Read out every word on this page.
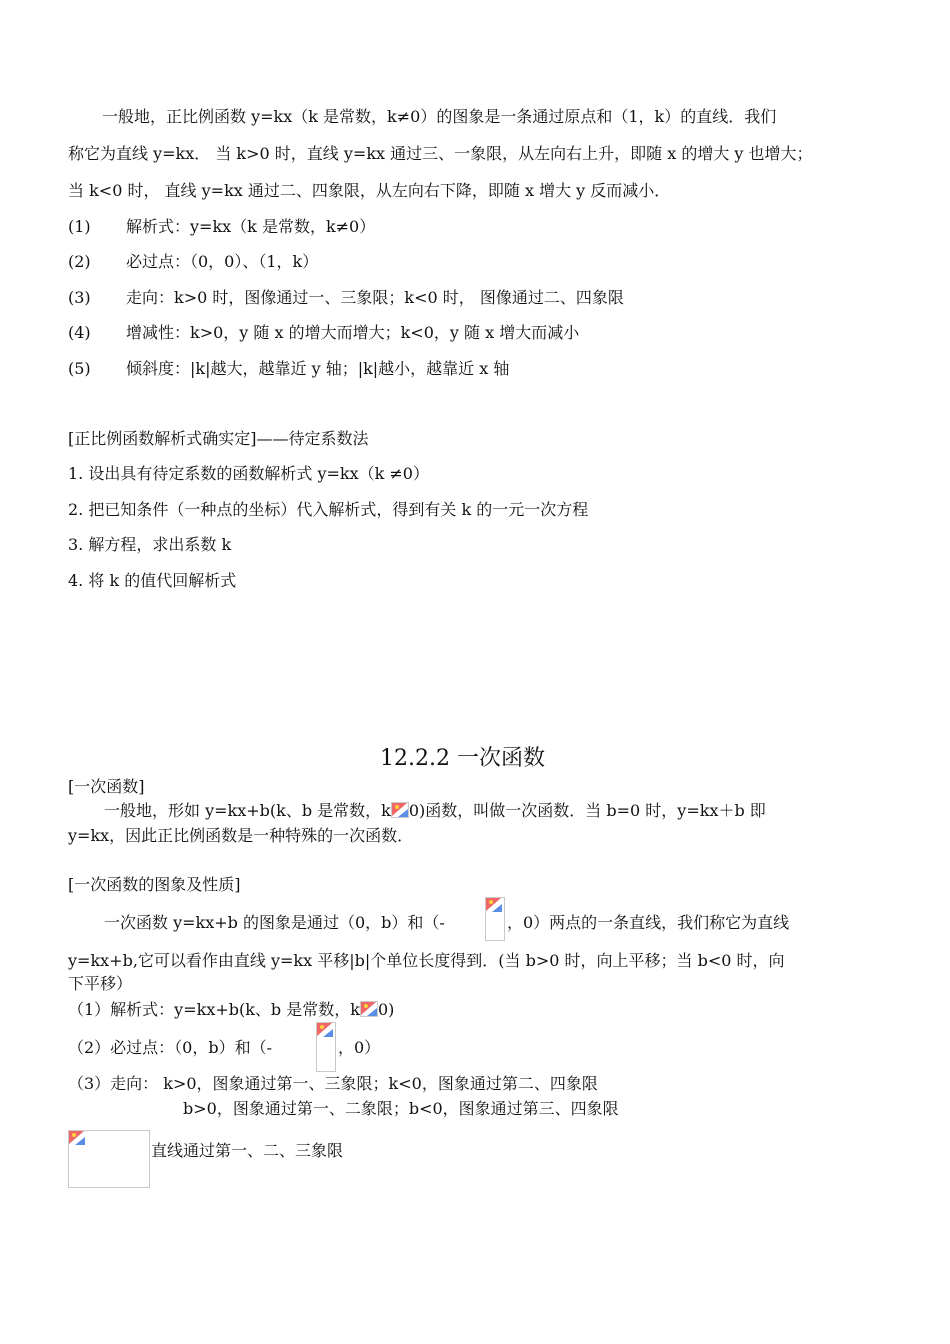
一般地，正比例函数 y=kx（k 是常数，k≠0）的图象是一条通过原点和（1，k）的直线．我们
称它为直线 y=kx． 当 k>0 时，直线 y=kx 通过三、一象限，从左向右上升，即随 x 的增大 y 也增大；
当 k<0 时， 直线 y=kx 通过二、四象限，从左向右下降，即随 x 增大 y 反而减小．
(1) 解析式：y=kx（k 是常数，k≠0）
(2) 必过点：（0，0）、（1，k）
(3) 走向：k>0 时，图像通过一、三象限；k<0 时， 图像通过二、四象限
(4) 增减性：k>0，y 随 x 的增大而增大；k<0，y 随 x 增大而减小
(5) 倾斜度：|k|越大，越靠近 y 轴；|k|越小，越靠近 x 轴
[正比例函数解析式确实定]——待定系数法
1. 设出具有待定系数的函数解析式 y=kx（k ≠0）
2. 把已知条件（一种点的坐标）代入解析式，得到有关 k 的一元一次方程
3. 解方程，求出系数 k
4. 将 k 的值代回解析式
12.2.2 一次函数
[一次函数]
一般地，形如 y=kx+b(k、b 是常数，k 0)函数，叫做一次函数．当 b=0 时，y=kx＋b 即
y=kx，因此正比例函数是一种特殊的一次函数．
[一次函数的图象及性质]
一次函数 y=kx+b 的图象是通过（0，b）和（-	，0）两点的一条直线，我们称它为直线
y=kx+b,它可以看作由直线 y=kx 平移|b|个单位长度得到．(当 b>0 时，向上平移；当 b<0 时，向
下平移）
（1）解析式：y=kx+b(k、b 是常数，k 0)
（2）必过点：（0，b）和（-	，0）
（3）走向： k>0，图象通过第一、三象限；k<0，图象通过第二、四象限
b>0，图象通过第一、二象限；b<0，图象通过第三、四象限
直线通过第一、二、三象限
